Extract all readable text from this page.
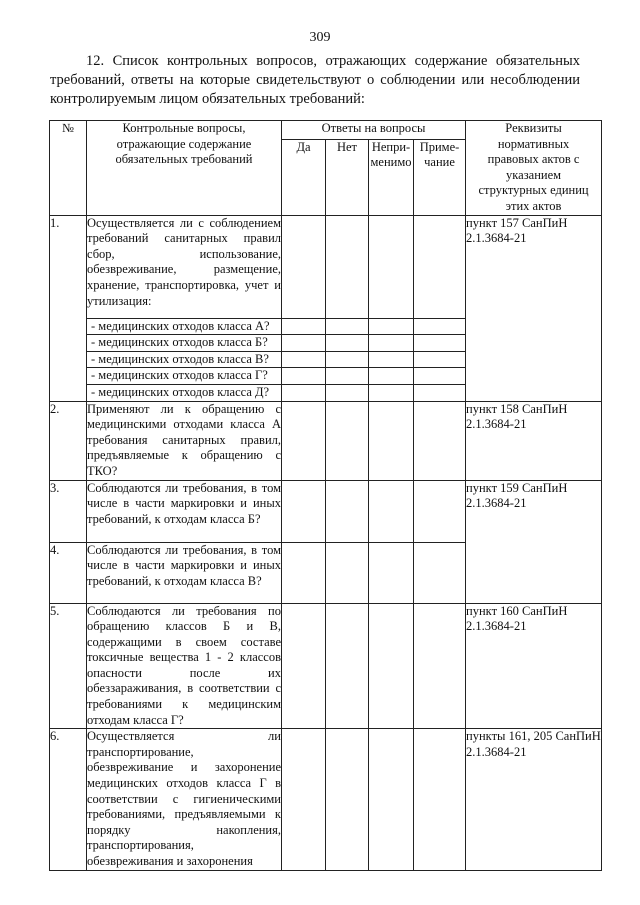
309
12. Список контрольных вопросов, отражающих содержание обязательных требований, ответы на которые свидетельствуют о соблюдении или несоблюдении контролируемым лицом обязательных требований:
№	Контрольные вопросы, отражающие содержание обязательных требований	Ответы на вопросы				Реквизиты нормативных правовых актов с указанием структурных единиц этих актов
		Да	Нет	Непри-менимо	Приме-чание	
1.	Осуществляется ли с соблюдением требований санитарных правил сбор, использование, обезвреживание, размещение, хранение, транспортировка, учет и утилизация:					пункт 157 СанПиН 2.1.3684-21
	- медицинских отходов класса А?					
	- медицинских отходов класса Б?					
	- медицинских отходов класса В?					
	- медицинских отходов класса Г?					
	- медицинских отходов класса Д?					
2.	Применяют ли к обращению с медицинскими отходами класса А требования санитарных правил, предъявляемые к обращению с ТКО?					пункт 158 СанПиН 2.1.3684-21
3.	Соблюдаются ли требования, в том числе в части маркировки и иных требований, к отходам класса Б?					пункт 159 СанПиН 2.1.3684-21
4.	Соблюдаются ли требования, в том числе в части маркировки и иных требований, к отходам класса В?					
5.	Соблюдаются ли требования по обращению классов Б и В, содержащими в своем составе токсичные вещества 1 - 2 классов опасности после их обеззараживания, в соответствии с требованиями к медицинским отходам класса Г?					пункт 160 СанПиН 2.1.3684-21
6.	Осуществляется ли транспортирование, обезвреживание и захоронение медицинских отходов класса Г в соответствии с гигиеническими требованиями, предъявляемыми к порядку накопления, транспортирования, обезвреживания и захоронения					пункты 161, 205 СанПиН 2.1.3684-21
